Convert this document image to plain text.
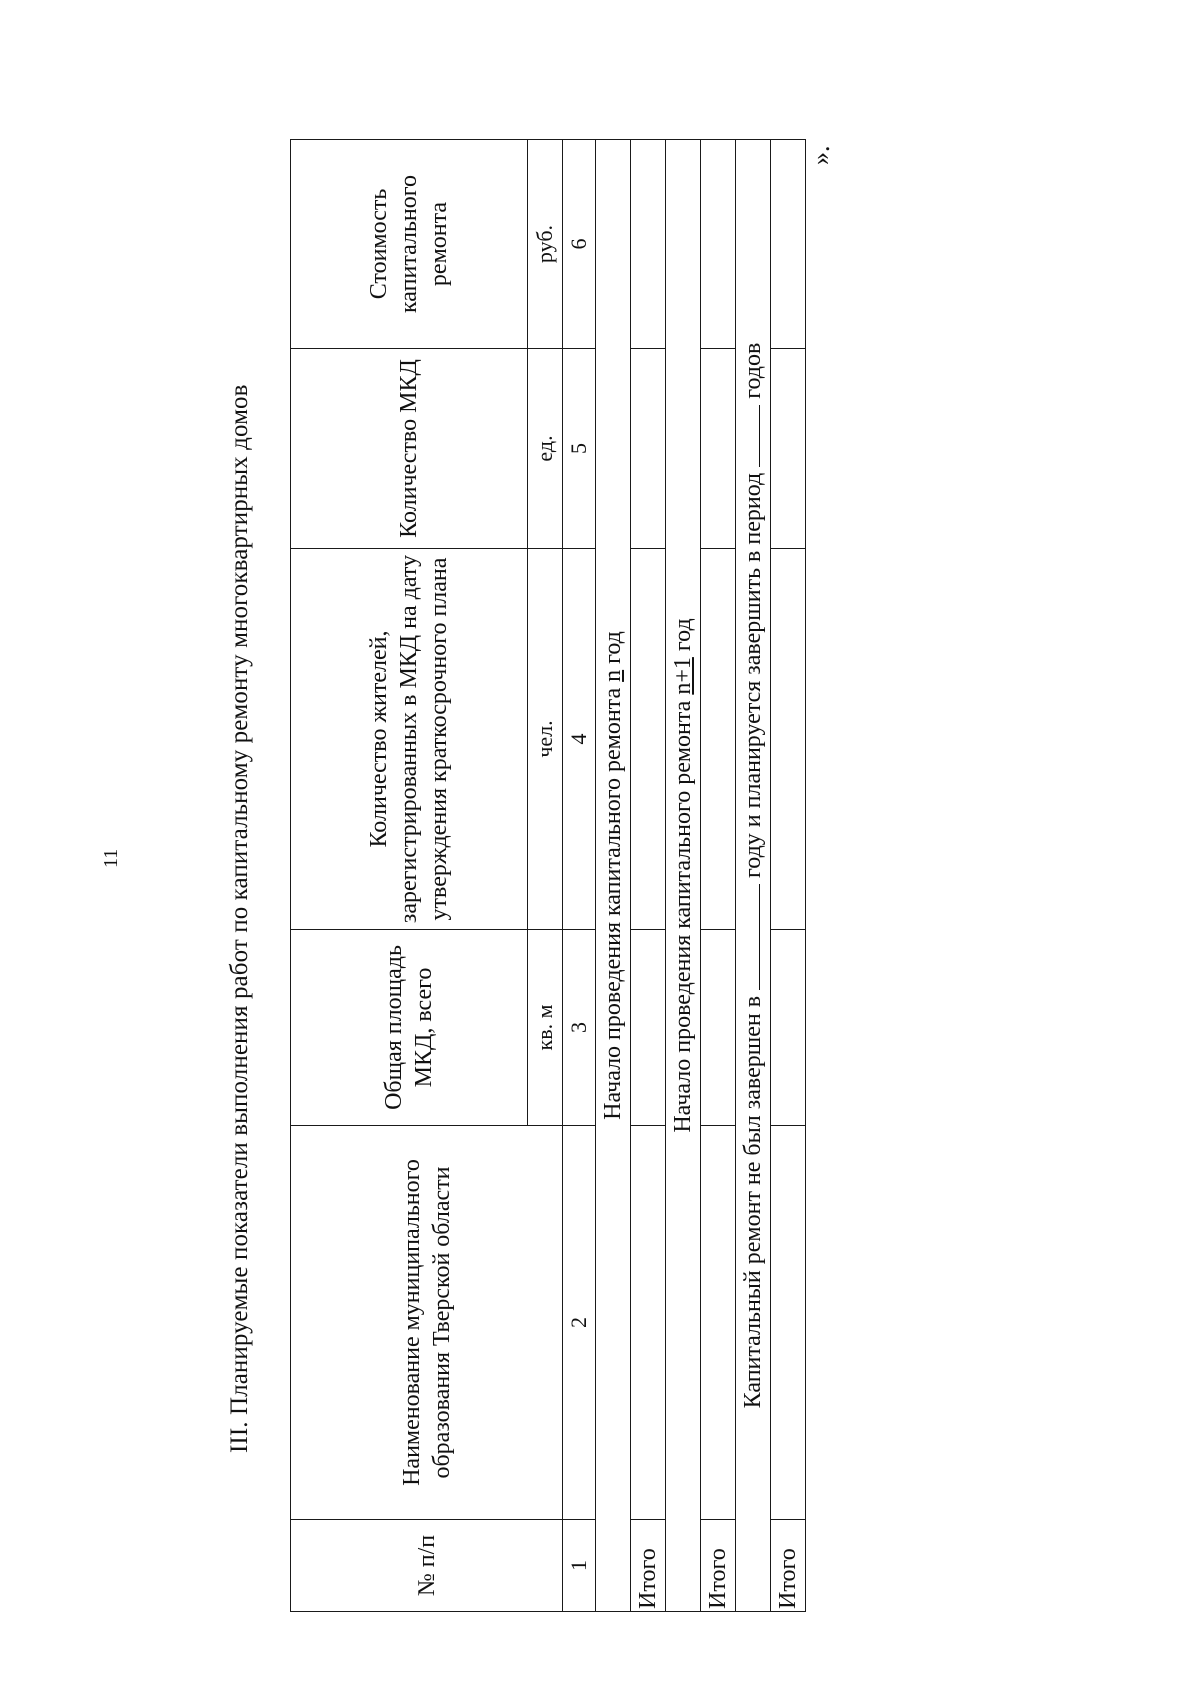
11	III. Планируемые показатели выполнения работ по капитальному ремонту многоквартирных домов
№ п/п	Наименование муниципального образования Тверской области	Общая площадь МКД, всего	Количество жителей, зарегистрированных в МКД на дату утверждения краткосрочного плана	Количество МКД	Стоимость капитального ремонта
		кв. м	чел.	ед.	руб.
1	2	3	4	5	6
Начало проведения капитального ремонта n год					
Итого					
Начало проведения капитального ремонта n+1 год					
Итого					
Капитальный ремонт не был завершен в  году и планируется завершить в период  годов					
Итого					
».
